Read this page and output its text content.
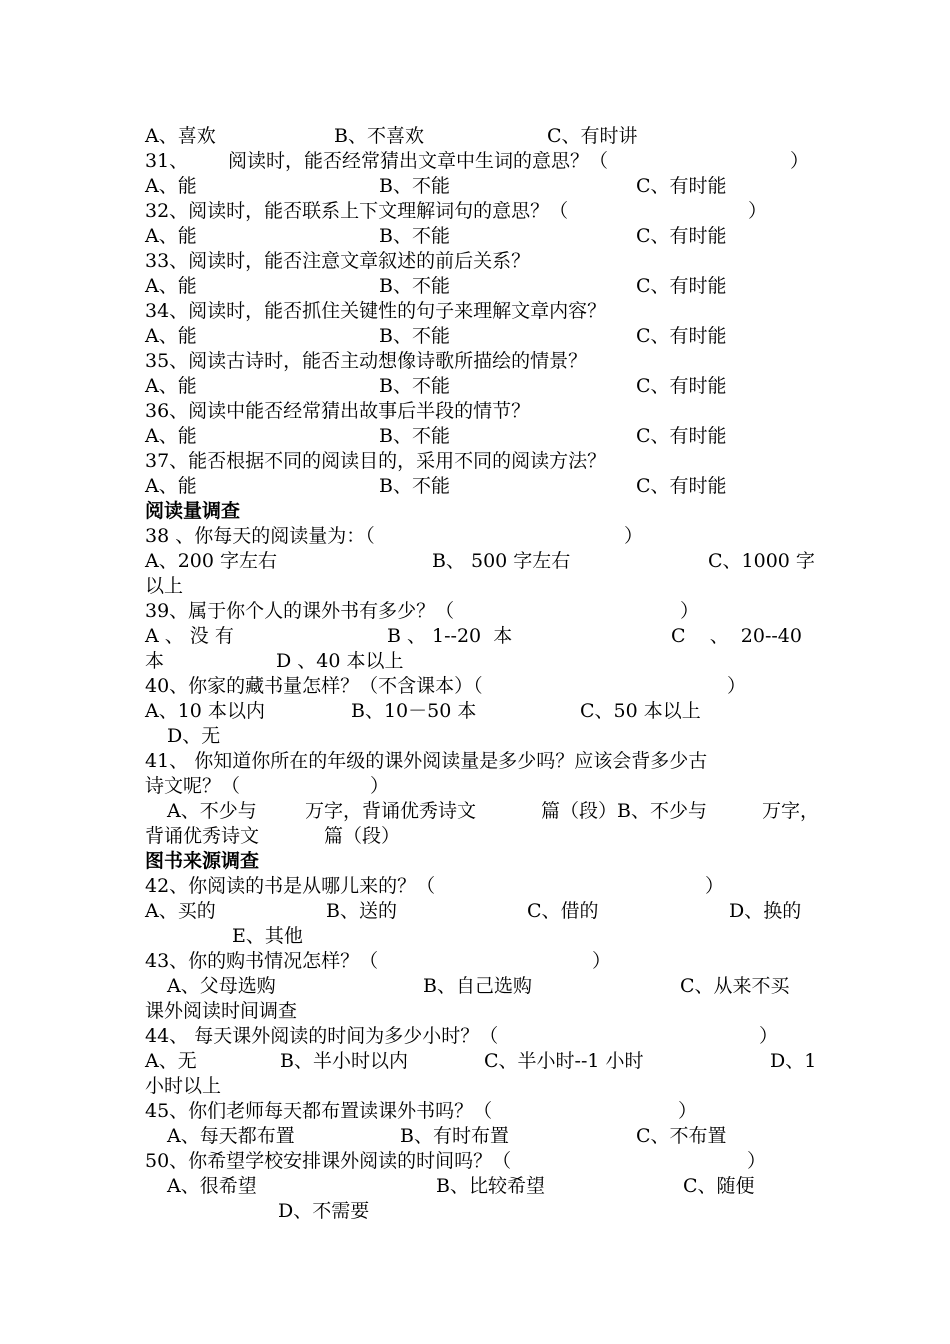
A、喜欢

	B、不喜欢

	C、有时讲

31、

阅读时，能否经常猜出文章中生词的意思？（

	）

A、能

	B、不能

	C、有时能

32、阅读时，能否联系上下文理解词句的意思？（

	）

A、能

	B、不能

	C、有时能

33、阅读时，能否注意文章叙述的前后关系？

A、能

	B、不能

	C、有时能

34、阅读时，能否抓住关键性的句子来理解文章内容？

A、能

	B、不能

	C、有时能

35、阅读古诗时，能否主动想像诗歌所描绘的情景？

A、能

	B、不能

	C、有时能

36、阅读中能否经常猜出故事后半段的情节？

A、能

	B、不能

	C、有时能

37、能否根据不同的阅读目的，采用不同的阅读方法？

A、能

	B、不能

	C、有时能

阅读量调查

38 、你每天的阅读量为：（

	）

A、200 字左右

	B、 500 字左右

	C、1000 字

以上

39、属于你个人的课外书有多少？（

	）

A 、 没 有

	B 、 1--20  本

	C    、  20--40

本

	D 、40 本以上

40、你家的藏书量怎样？（不含课本）（

	）

A、10 本以内

	B、10－50 本

	C、50 本以上

D、无

41、 你知道你所在的年级的课外阅读量是多少吗？应该会背多少古

诗文呢？（

	）

A、不少与

	万字，背诵优秀诗文

	篇（段）B、不少与

	万字，

背诵优秀诗文

	篇（段）

图书来源调查

42、你阅读的书是从哪儿来的？（

	）

A、买的

	B、送的

	C、借的

	D、换的

E、其他

43、你的购书情况怎样？（

	）

A、父母选购

	B、自己选购

	C、从来不买

课外阅读时间调查

44、 每天课外阅读的时间为多少小时？（

	）

A、无

	B、半小时以内

	C、半小时--1 小时

	D、1

小时以上

45、你们老师每天都布置读课外书吗？（

	）

A、每天都布置

	B、有时布置

	C、不布置

50、你希望学校安排课外阅读的时间吗？（

	）

A、很希望

	B、比较希望

	C、随便

D、不需要
